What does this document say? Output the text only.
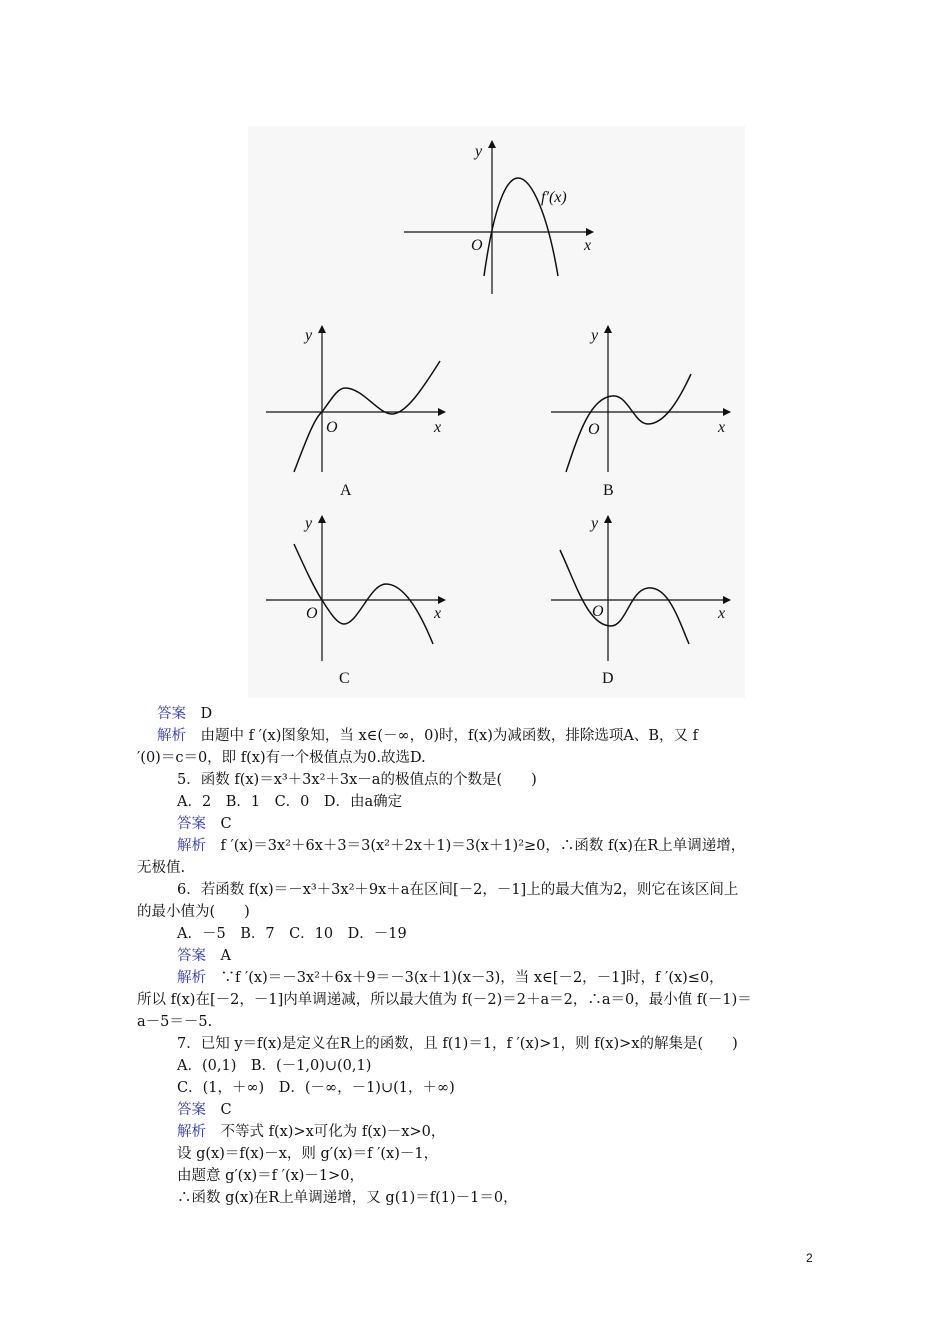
y
x
O
f′(x)
y
x
O
A
y
x
O
B
y
x
O
C
y
x
O
D
答案　D
解析　由题中 f ′(x)图象知，当 x∈(－∞，0)时，f(x)为减函数，排除选项A、B，又 f
′(0)＝c＝0，即 f(x)有一个极值点为0.故选D.
5．函数 f(x)＝x³＋3x²＋3x－a的极值点的个数是(　　)
A．2　B．1　C．0　D．由a确定
答案　C
解析　f ′(x)＝3x²＋6x＋3＝3(x²＋2x＋1)＝3(x＋1)²≥0，∴函数 f(x)在R上单调递增，
无极值.
6．若函数 f(x)＝－x³＋3x²＋9x＋a在区间[－2，－1]上的最大值为2，则它在该区间上
的最小值为(　　)
A．－5　B．7　C．10　D．－19
答案　A
解析　∵f ′(x)＝－3x²＋6x＋9＝－3(x＋1)(x－3)，当 x∈[－2，－1]时，f ′(x)≤0，
所以 f(x)在[－2，－1]内单调递减，所以最大值为 f(－2)＝2＋a＝2，∴a＝0，最小值 f(－1)＝
a－5＝－5.
7．已知 y＝f(x)是定义在R上的函数，且 f(1)＝1，f ′(x)>1，则 f(x)>x的解集是(　　)
A．(0,1)　B．(－1,0)∪(0,1)
C．(1，＋∞)　D．(－∞，－1)∪(1，＋∞)
答案　C
解析　不等式 f(x)>x可化为 f(x)－x>0，
设 g(x)＝f(x)－x，则 g′(x)＝f ′(x)－1，
由题意 g′(x)＝f ′(x)－1>0，
∴函数 g(x)在R上单调递增，又 g(1)＝f(1)－1＝0，
2
